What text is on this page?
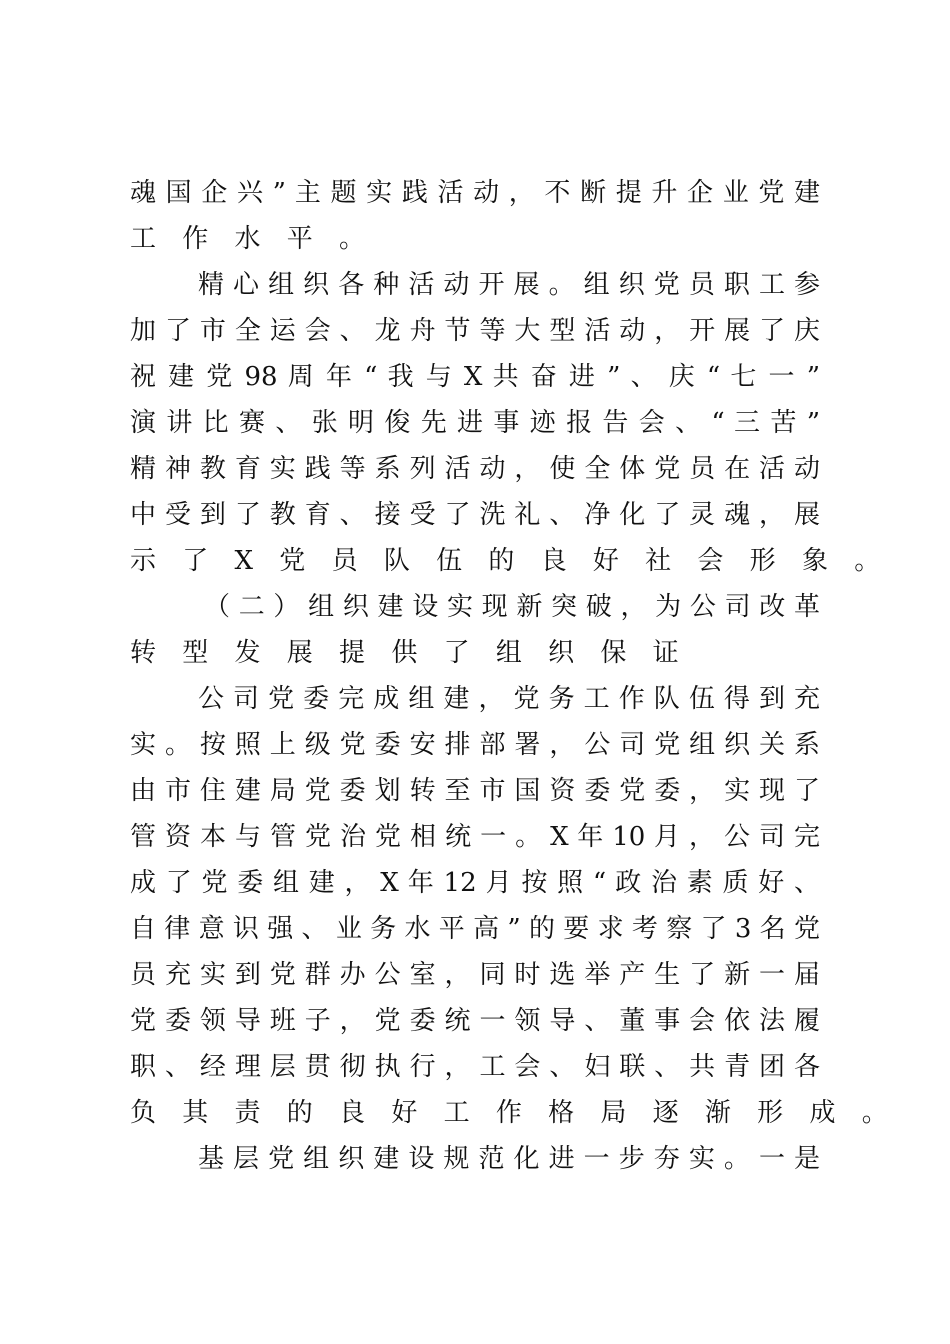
魂 国 企 兴 ” 主 题 实 践 活 动 ， 不 断 提 升 企 业 党 建
工 作 水 平 。
精 心 组 织 各 种 活 动 开 展 。 组 织 党 员 职 工 参
加 了 市 全 运 会 、 龙 舟 节 等 大 型 活 动 ， 开 展 了 庆
祝 建 党 98 周 年 “ 我 与 X 共 奋 进 ” 、 庆 “ 七 一 ”
演 讲 比 赛 、 张 明 俊 先 进 事 迹 报 告 会 、 “ 三 苦 ”
精 神 教 育 实 践 等 系 列 活 动 ， 使 全 体 党 员 在 活 动
中 受 到 了 教 育 、 接 受 了 洗 礼 、 净 化 了 灵 魂 ， 展
示 了 X 党 员 队 伍 的 良 好 社 会 形 象 。
（ 二 ） 组 织 建 设 实 现 新 突 破 ， 为 公 司 改 革
转 型 发 展 提 供 了 组 织 保 证
公 司 党 委 完 成 组 建 ， 党 务 工 作 队 伍 得 到 充
实 。 按 照 上 级 党 委 安 排 部 署 ， 公 司 党 组 织 关 系
由 市 住 建 局 党 委 划 转 至 市 国 资 委 党 委 ， 实 现 了
管 资 本 与 管 党 治 党 相 统 一 。 X 年 10 月 ， 公 司 完
成 了 党 委 组 建 ， X 年 12 月 按 照 “ 政 治 素 质 好 、
自 律 意 识 强 、 业 务 水 平 高 ” 的 要 求 考 察 了 3 名 党
员 充 实 到 党 群 办 公 室 ， 同 时 选 举 产 生 了 新 一 届
党 委 领 导 班 子 ， 党 委 统 一 领 导 、 董 事 会 依 法 履
职 、 经 理 层 贯 彻 执 行 ， 工 会 、 妇 联 、 共 青 团 各
负 其 责 的 良 好 工 作 格 局 逐 渐 形 成 。
基 层 党 组 织 建 设 规 范 化 进 一 步 夯 实 。 一 是
